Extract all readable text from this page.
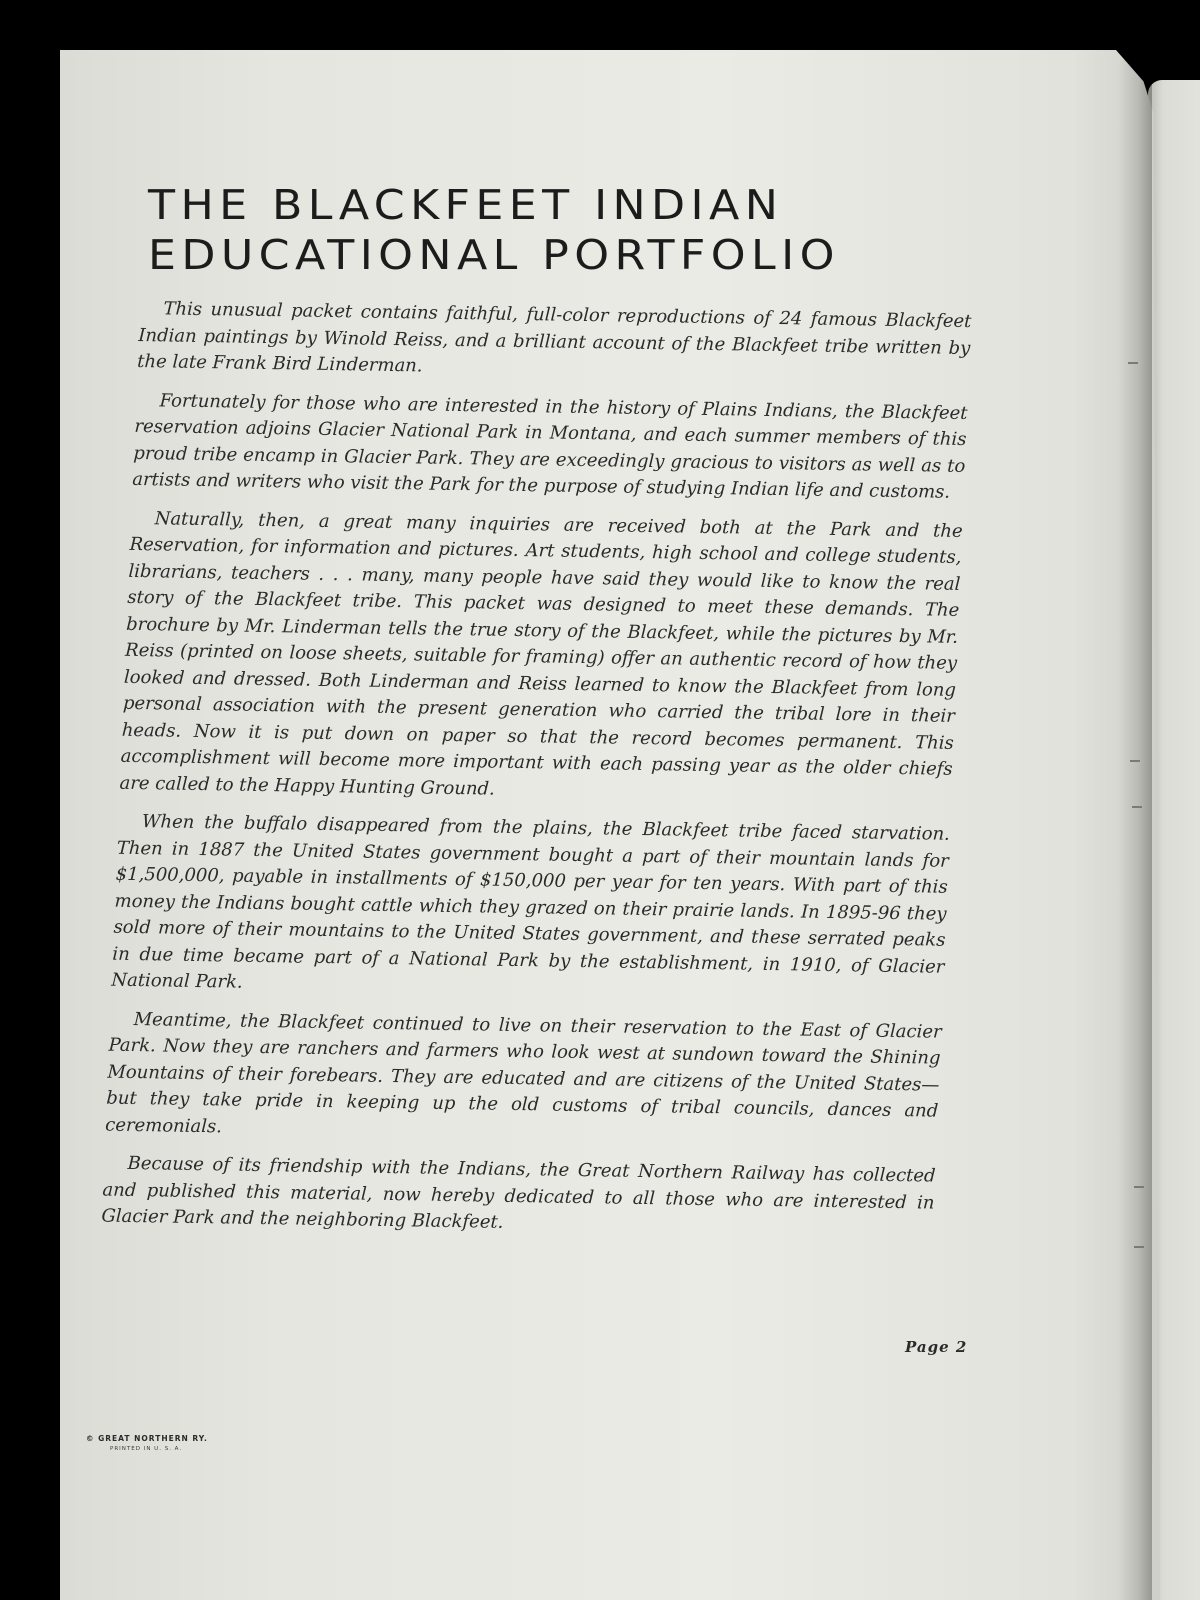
THE BLACKFEET INDIAN
EDUCATIONAL PORTFOLIO

This unusual packet contains faithful, full-color reproductions of 24 famous Blackfeet Indian paintings by Winold Reiss, and a brilliant account of the Blackfeet tribe written by the late Frank Bird Linderman.

Fortunately for those who are interested in the history of Plains Indians, the Blackfeet reservation adjoins Glacier National Park in Montana, and each summer members of this proud tribe encamp in Glacier Park. They are exceedingly gracious to visitors as well as to artists and writers who visit the Park for the purpose of studying Indian life and customs.

Naturally, then, a great many inquiries are received both at the Park and the Reservation, for information and pictures. Art students, high school and college students, librarians, teachers . . . many, many people have said they would like to know the real story of the Blackfeet tribe. This packet was designed to meet these demands. The brochure by Mr. Linderman tells the true story of the Blackfeet, while the pictures by Mr. Reiss (printed on loose sheets, suitable for framing) offer an authentic record of how they looked and dressed. Both Linderman and Reiss learned to know the Blackfeet from long personal association with the present generation who carried the tribal lore in their heads. Now it is put down on paper so that the record becomes permanent. This accomplishment will become more important with each passing year as the older chiefs are called to the Happy Hunting Ground.

When the buffalo disappeared from the plains, the Blackfeet tribe faced starvation. Then in 1887 the United States government bought a part of their mountain lands for $1,500,000, payable in installments of $150,000 per year for ten years. With part of this money the Indians bought cattle which they grazed on their prairie lands. In 1895-96 they sold more of their mountains to the United States government, and these serrated peaks in due time became part of a National Park by the establishment, in 1910, of Glacier National Park.

Meantime, the Blackfeet continued to live on their reservation to the East of Glacier Park. Now they are ranchers and farmers who look west at sundown toward the Shining Mountains of their forebears. They are educated and are citizens of the United States—but they take pride in keeping up the old customs of tribal councils, dances and ceremonials.

Because of its friendship with the Indians, the Great Northern Railway has collected and published this material, now hereby dedicated to all those who are interested in Glacier Park and the neighboring Blackfeet.

Page 2
© GREAT NORTHERN RY.
PRINTED IN U. S. A.
